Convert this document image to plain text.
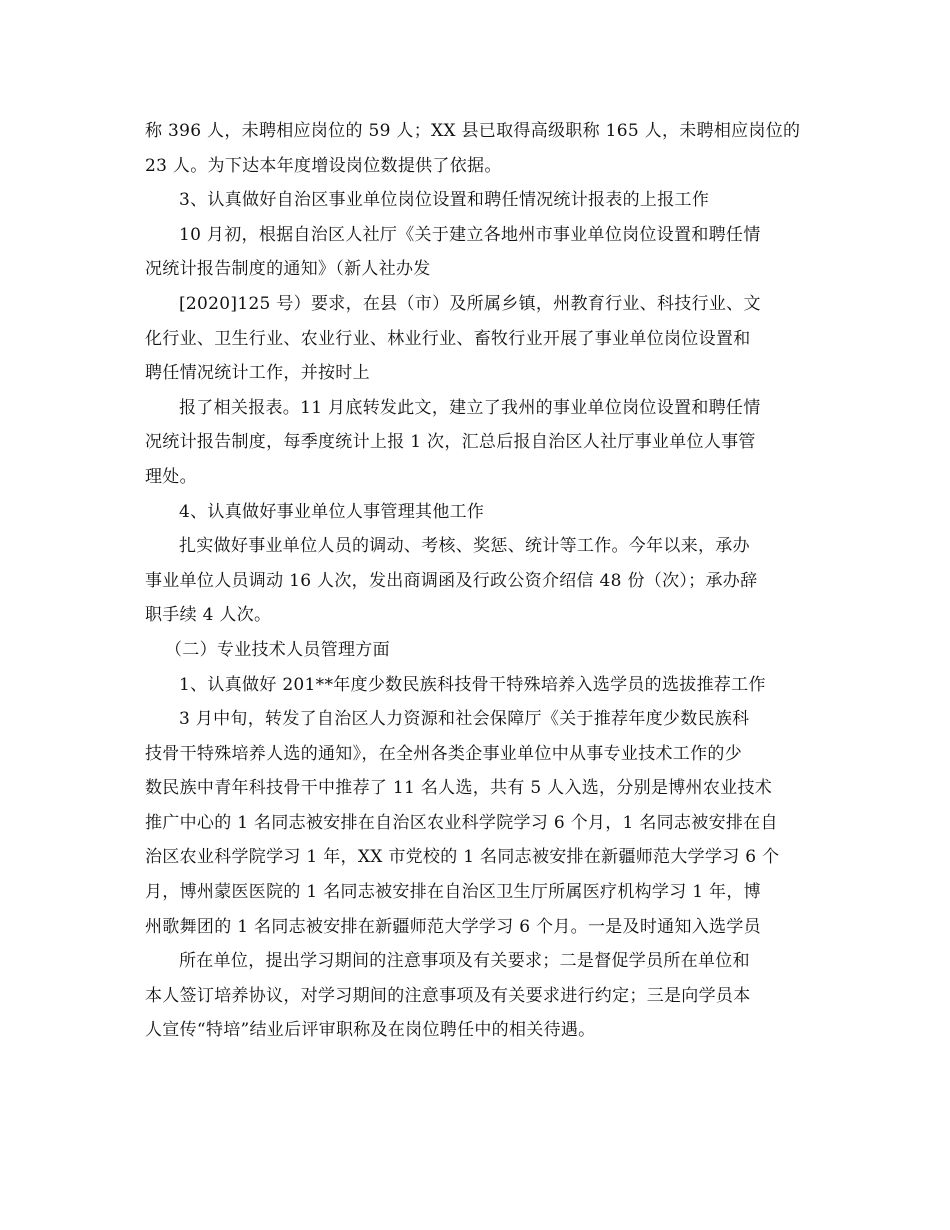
称 396 人，未聘相应岗位的 59 人；XX 县已取得高级职称 165 人，未聘相应岗位的
23 人。为下达本年度增设岗位数提供了依据。
3、认真做好自治区事业单位岗位设置和聘任情况统计报表的上报工作
10 月初，根据自治区人社厅《关于建立各地州市事业单位岗位设置和聘任情
况统计报告制度的通知》（新人社办发
[2020]125 号）要求，在县（市）及所属乡镇，州教育行业、科技行业、文
化行业、卫生行业、农业行业、林业行业、畜牧行业开展了事业单位岗位设置和
聘任情况统计工作，并按时上
报了相关报表。11 月底转发此文，建立了我州的事业单位岗位设置和聘任情
况统计报告制度，每季度统计上报 1 次，汇总后报自治区人社厅事业单位人事管
理处。
4、认真做好事业单位人事管理其他工作
扎实做好事业单位人员的调动、考核、奖惩、统计等工作。今年以来，承办
事业单位人员调动 16 人次，发出商调函及行政公资介绍信 48 份（次）；承办辞
职手续 4 人次。
（二）专业技术人员管理方面
1、认真做好 201**年度少数民族科技骨干特殊培养入选学员的选拔推荐工作
3 月中旬，转发了自治区人力资源和社会保障厅《关于推荐年度少数民族科
技骨干特殊培养人选的通知》，在全州各类企事业单位中从事专业技术工作的少
数民族中青年科技骨干中推荐了 11 名人选，共有 5 人入选，分别是博州农业技术
推广中心的 1 名同志被安排在自治区农业科学院学习 6 个月，1 名同志被安排在自
治区农业科学院学习 1 年，XX 市党校的 1 名同志被安排在新疆师范大学学习 6 个
月，博州蒙医医院的 1 名同志被安排在自治区卫生厅所属医疗机构学习 1 年，博
州歌舞团的 1 名同志被安排在新疆师范大学学习 6 个月。一是及时通知入选学员
所在单位，提出学习期间的注意事项及有关要求；二是督促学员所在单位和
本人签订培养协议，对学习期间的注意事项及有关要求进行约定；三是向学员本
人宣传“特培”结业后评审职称及在岗位聘任中的相关待遇。
